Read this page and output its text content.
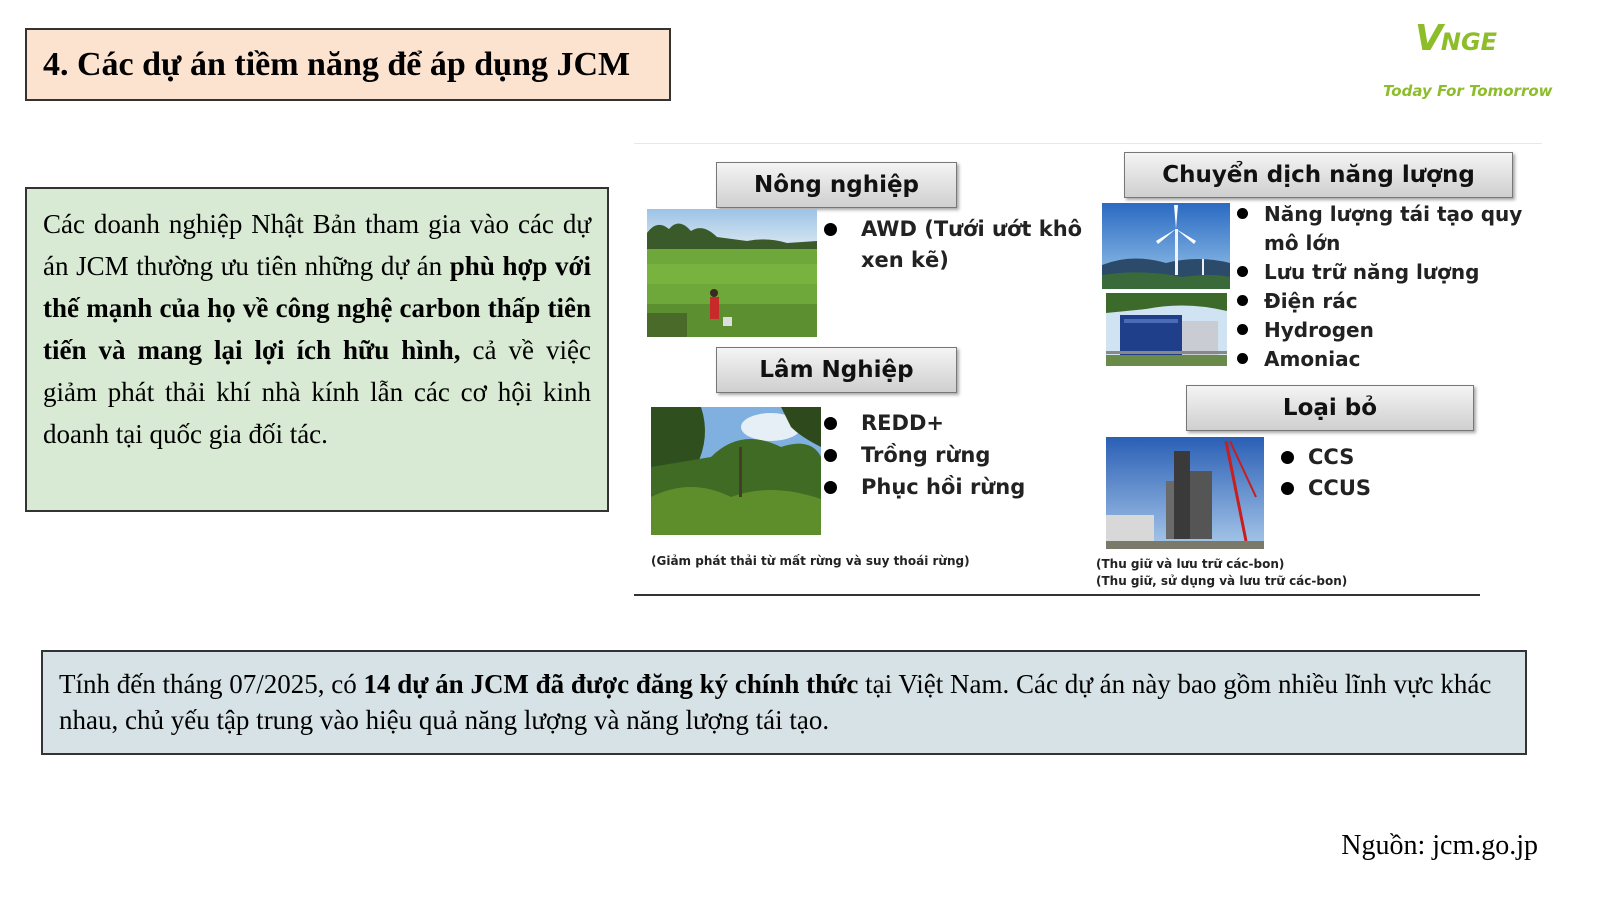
4. Các dự án tiềm năng để áp dụng JCM
VNGE
Today For Tomorrow

Các doanh nghiệp Nhật Bản tham gia vào các dự án JCM thường ưu tiên những dự án phù hợp với thế mạnh của họ về công nghệ carbon thấp tiên tiến và mang lại lợi ích hữu hình, cả về việc giảm phát thải khí nhà kính lẫn các cơ hội kinh doanh tại quốc gia đối tác.

Nông nghiệp
AWD (Tưới ướt khô xen kẽ)
Lâm Nghiệp
REDD+
Trồng rừng
Phục hồi rừng
(Giảm phát thải từ mất rừng và suy thoái rừng)
Chuyển dịch năng lượng
Năng lượng tái tạo quy mô lớn
Lưu trữ năng lượng
Điện rác
Hydrogen
Amoniac
Loại bỏ
CCS
CCUS
(Thu giữ và lưu trữ các-bon)
(Thu giữ, sử dụng và lưu trữ các-bon)

Tính đến tháng 07/2025, có 14 dự án JCM đã được đăng ký chính thức tại Việt Nam. Các dự án này bao gồm nhiều lĩnh vực khác nhau, chủ yếu tập trung vào hiệu quả năng lượng và năng lượng tái tạo.

Nguồn: jcm.go.jp
